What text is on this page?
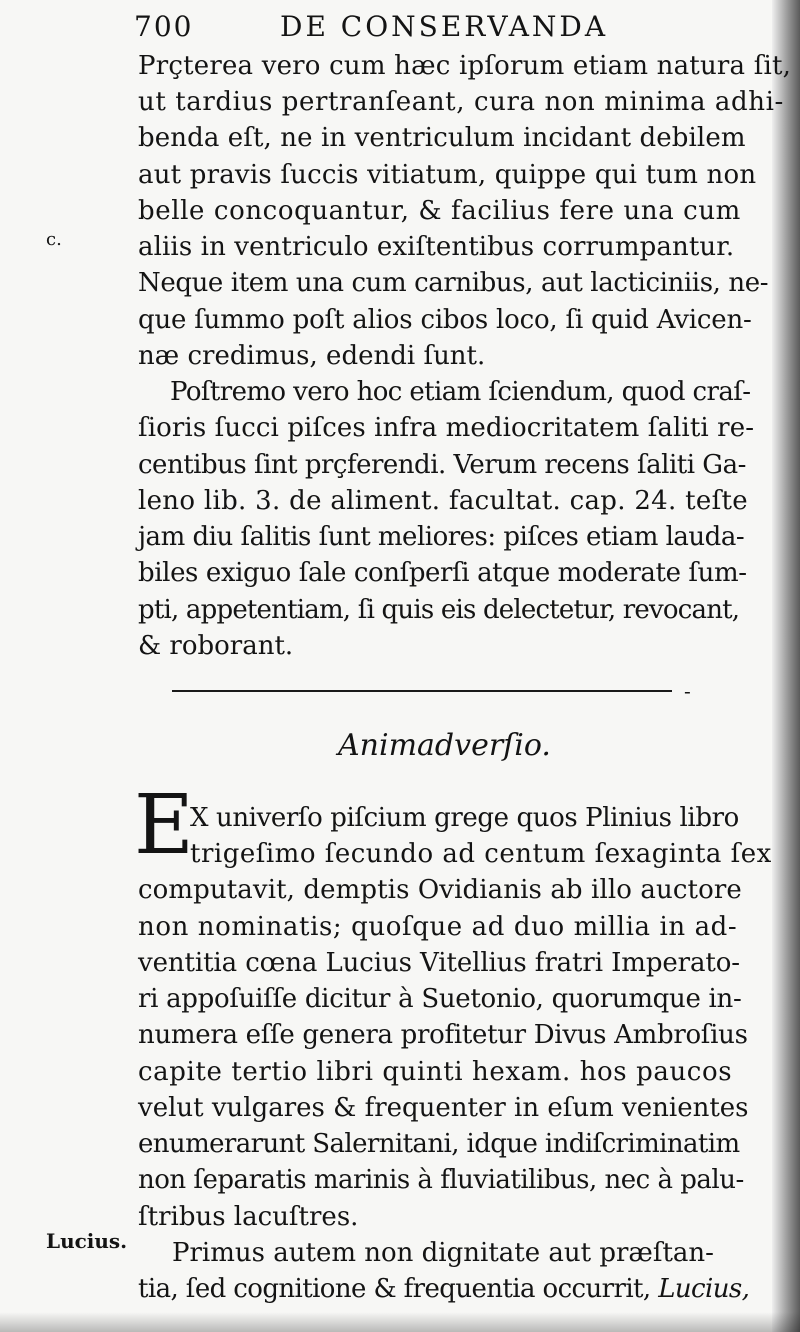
700	DE CONSERVANDA
c.
Prçterea vero cum hæc ipſorum etiam natura ſit,
ut tardius pertranſeant, cura non minima adhi-
benda eſt, ne in ventriculum incidant debilem
aut pravis ſuccis vitiatum, quippe qui tum non
belle concoquantur, & facilius fere una cum
aliis in ventriculo exiſtentibus corrumpantur.
Neque item una cum carnibus, aut lacticiniis, ne-
que ſummo poſt alios cibos loco, ſi quid Avicen-
næ credimus, edendi ſunt.
Poſtremo vero hoc etiam ſciendum, quod craſ-
ſioris ſucci piſces infra mediocritatem ſaliti re-
centibus ſint prçferendi. Verum recens ſaliti Ga-
leno lib. 3. de aliment. facultat. cap. 24. teſte
jam diu ſalitis ſunt meliores: piſces etiam lauda-
biles exiguo ſale conſperſi atque moderate ſum-
pti, appetentiam, ſi quis eis delectetur, revocant,
& roborant.
-
Animadverſio.
E
X univerſo piſcium grege quos Plinius libro
trigeſimo ſecundo ad centum ſexaginta ſex
computavit, demptis Ovidianis ab illo auctore
non nominatis; quoſque ad duo millia in ad-
ventitia cœna Lucius Vitellius fratri Imperato-
ri appoſuiſſe dicitur à Suetonio, quorumque in-
numera eſſe genera profitetur Divus Ambroſius
capite tertio libri quinti hexam. hos paucos
velut vulgares & frequenter in eſum venientes
enumerarunt Salernitani, idque indiſcriminatim
non ſeparatis marinis à fluviatilibus, nec à palu-
ſtribus lacuſtres.
Lucius. Primus autem non dignitate aut præſtan-
tia, ſed cognitione & frequentia occurrit, Lucius,
